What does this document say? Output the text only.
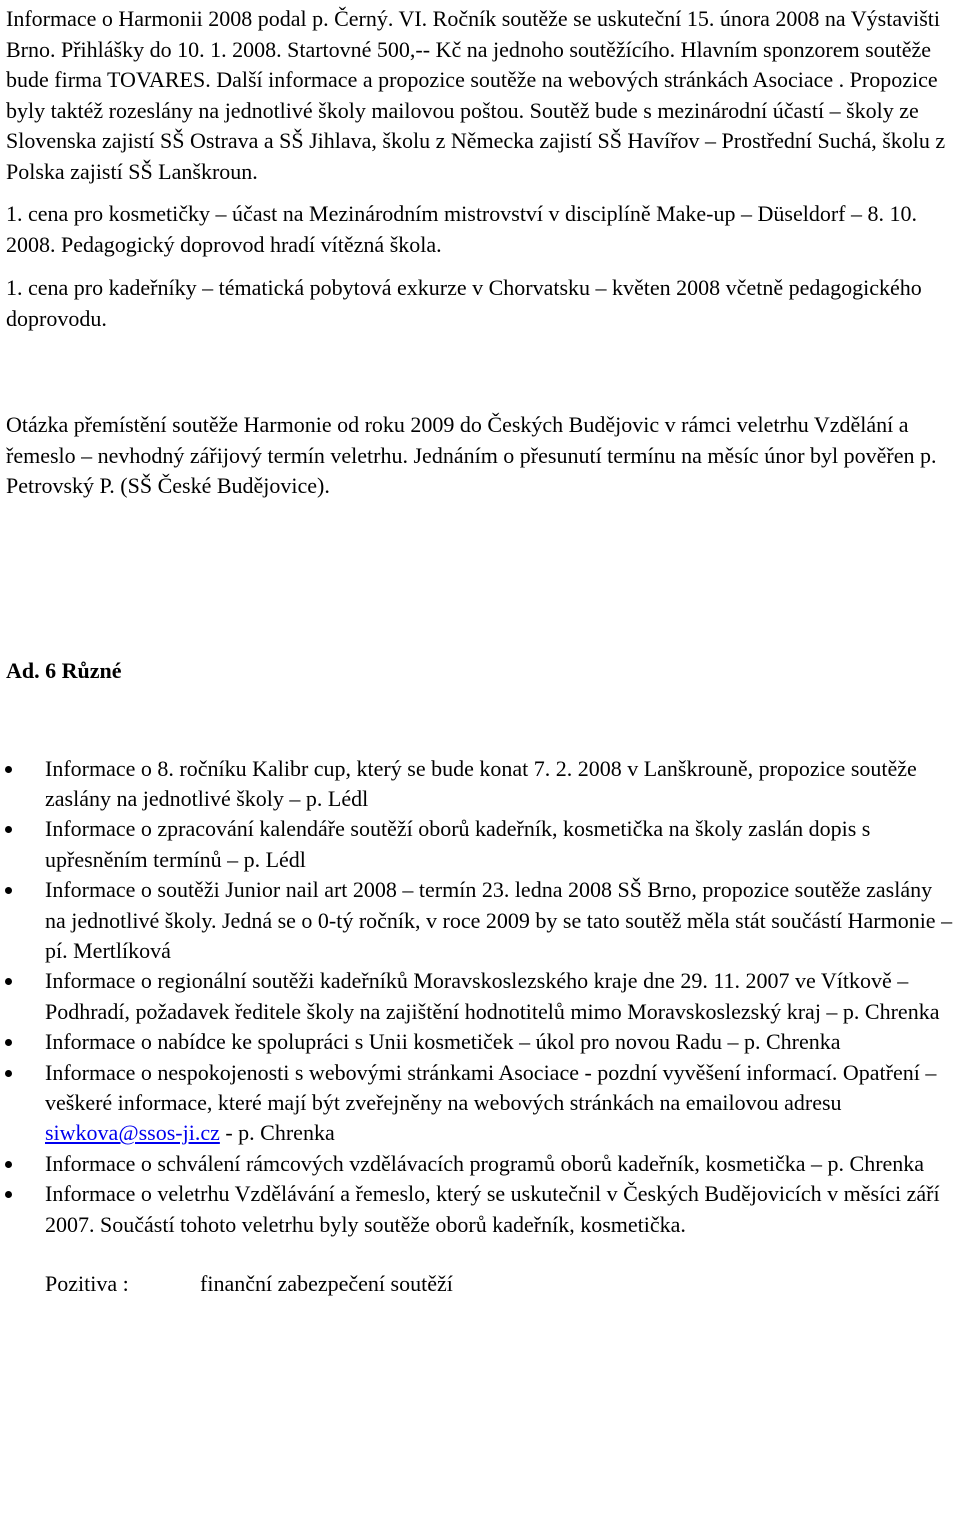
Informace o Harmonii 2008 podal p. Černý. VI. Ročník soutěže se uskuteční 15. února 2008 na Výstavišti Brno. Přihlášky do 10. 1. 2008. Startovné 500,-- Kč na jednoho soutěžícího. Hlavním sponzorem soutěže bude firma TOVARES. Další informace a propozice soutěže na webových stránkách Asociace . Propozice byly taktéž rozeslány na jednotlivé školy mailovou poštou. Soutěž bude s mezinárodní účastí – školy ze Slovenska zajistí SŠ Ostrava a SŠ Jihlava, školu z Německa zajistí SŠ Havířov – Prostřední Suchá, školu z Polska zajistí SŠ Lanškroun.

1. cena pro kosmetičky – účast na Mezinárodním mistrovství v disciplíně Make-up – Düseldorf – 8. 10. 2008. Pedagogický doprovod hradí vítězná škola.

1. cena pro kadeřníky – tématická pobytová exkurze v Chorvatsku – květen 2008 včetně pedagogického doprovodu.

Otázka přemístění soutěže Harmonie od roku 2009 do Českých Budějovic v rámci veletrhu Vzdělání a řemeslo – nevhodný zářijový termín veletrhu. Jednáním o přesunutí termínu na měsíc únor byl pověřen p. Petrovský P. (SŠ České Budějovice).

Ad. 6 Různé
Informace o 8. ročníku Kalibr cup, který se bude konat 7. 2. 2008 v Lanškrouně, propozice soutěže zaslány na jednotlivé školy – p. Lédl
Informace o zpracování kalendáře soutěží oborů kadeřník, kosmetička na školy zaslán dopis s upřesněním termínů – p. Lédl
Informace o soutěži Junior nail art 2008 – termín 23. ledna 2008 SŠ Brno, propozice soutěže zaslány na jednotlivé školy. Jedná se o 0-tý ročník, v roce 2009 by se tato soutěž měla stát součástí Harmonie – pí. Mertlíková
Informace o regionální soutěži kadeřníků Moravskoslezského kraje dne 29. 11. 2007 ve Vítkově – Podhradí, požadavek ředitele školy na zajištění hodnotitelů mimo Moravskoslezský kraj – p. Chrenka
Informace o nabídce ke spolupráci s Unii kosmetiček – úkol pro novou Radu – p. Chrenka
Informace o nespokojenosti s webovými stránkami Asociace - pozdní vyvěšení informací. Opatření – veškeré informace, které mají být zveřejněny na webových stránkách na emailovou adresu siwkova@ssos-ji.cz - p. Chrenka
Informace o schválení rámcových vzdělávacích programů oborů kadeřník, kosmetička – p. Chrenka
Informace o veletrhu Vzdělávání a řemeslo, který se uskutečnil v Českých Budějovicích v měsíci září 2007. Součástí tohoto veletrhu byly soutěže oborů kadeřník, kosmetička.
Pozitiva :	finanční zabezpečení soutěží
